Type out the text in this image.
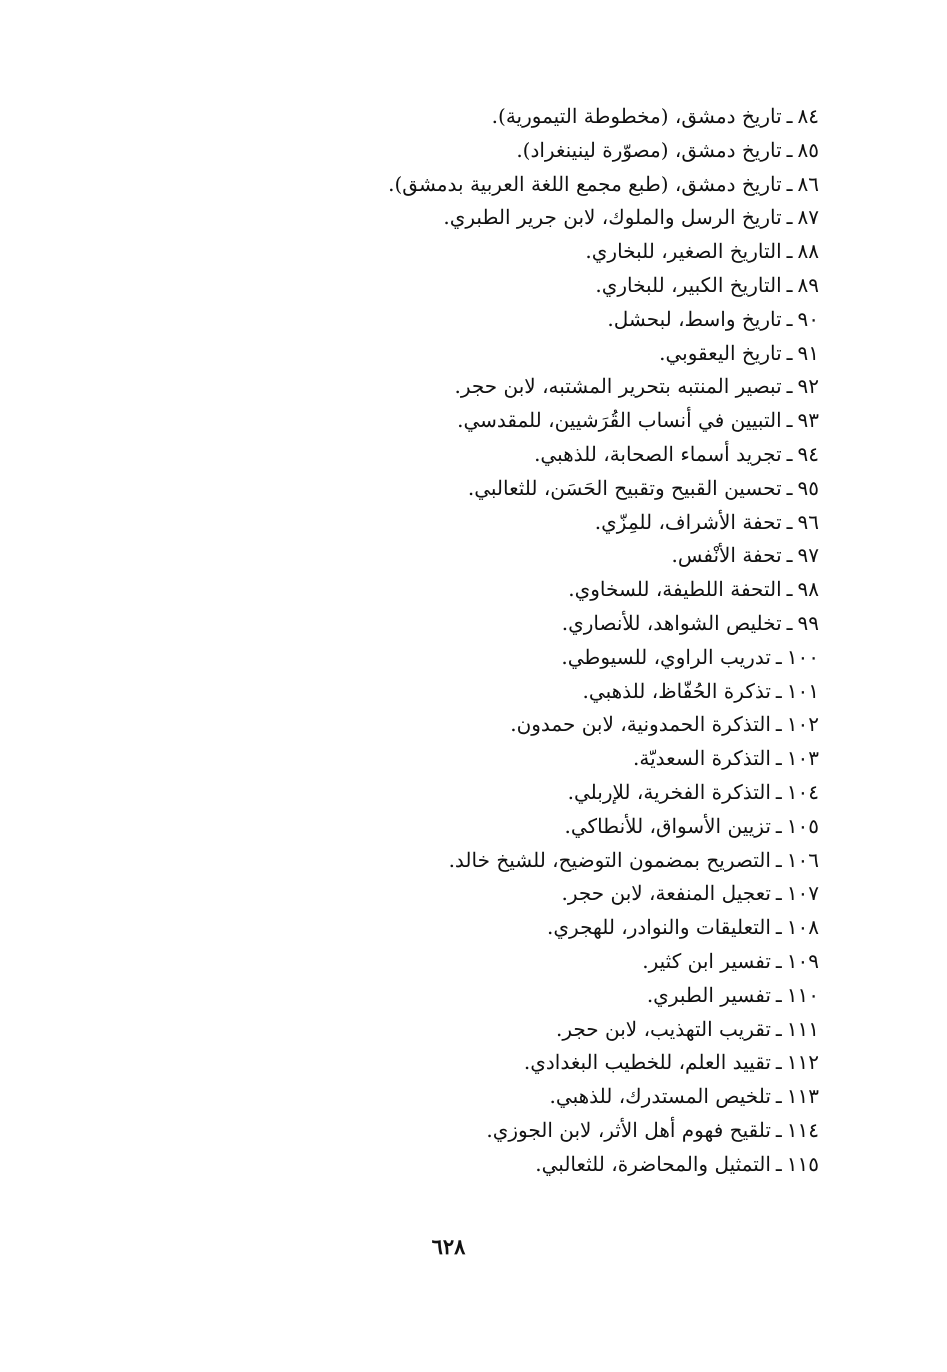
٨٤ـتاريخ دمشق، (مخطوطة التيمورية).
٨٥ـتاريخ دمشق، (مصوّرة لينينغراد).
٨٦ـتاريخ دمشق، (طبع مجمع اللغة العربية بدمشق).
٨٧ـتاريخ الرسل والملوك، لابن جرير الطبري.
٨٨ـالتاريخ الصغير، للبخاري.
٨٩ـالتاريخ الكبير، للبخاري.
٩٠ـتاريخ واسط، لبحشل.
٩١ـتاريخ اليعقوبي.
٩٢ـتبصير المنتبه بتحرير المشتبه، لابن حجر.
٩٣ـالتبيين في أنساب القُرَشيين، للمقدسي.
٩٤ـتجريد أسماء الصحابة، للذهبي.
٩٥ـتحسين القبيح وتقبيح الحَسَن، للثعالبي.
٩٦ـتحفة الأشراف، للمِزّي.
٩٧ـتحفة الأنْفس.
٩٨ـالتحفة اللطيفة، للسخاوي.
٩٩ـتخليص الشواهد، للأنصاري.
١٠٠ـتدريب الراوي، للسيوطي.
١٠١ـتذكرة الحُفّاظ، للذهبي.
١٠٢ـالتذكرة الحمدونية، لابن حمدون.
١٠٣ـالتذكرة السعديّة.
١٠٤ـالتذكرة الفخرية، للإربلي.
١٠٥ـتزيين الأسواق، للأنطاكي.
١٠٦ـالتصريح بمضمون التوضيح، للشيخ خالد.
١٠٧ـتعجيل المنفعة، لابن حجر.
١٠٨ـالتعليقات والنوادر، للهجري.
١٠٩ـتفسير ابن كثير.
١١٠ـتفسير الطبري.
١١١ـتقريب التهذيب، لابن حجر.
١١٢ـتقييد العلم، للخطيب البغدادي.
١١٣ـتلخيص المستدرك، للذهبي.
١١٤ـتلقيح فهوم أهل الأثر، لابن الجوزي.
١١٥ـالتمثيل والمحاضرة، للثعالبي.
٦٢٨
